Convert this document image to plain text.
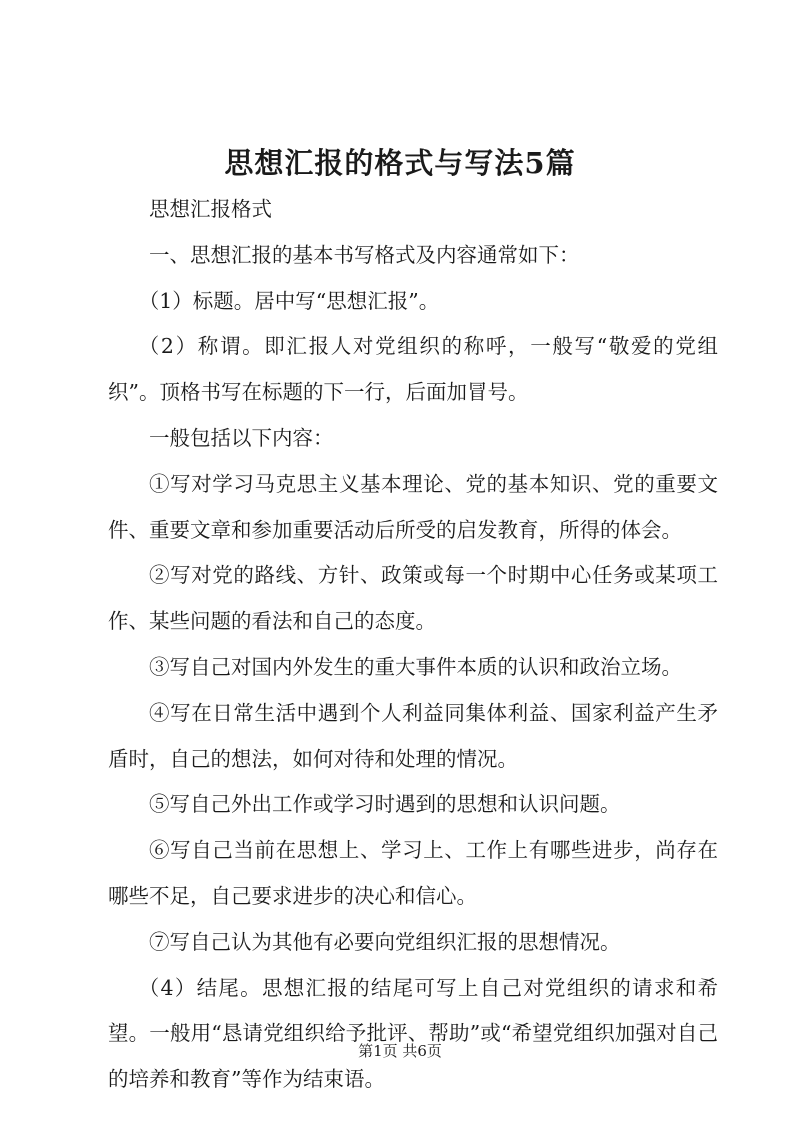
思想汇报的格式与写法5篇

思想汇报格式

一、思想汇报的基本书写格式及内容通常如下：

（1）标题。居中写“思想汇报”。

（2）称谓。即汇报人对党组织的称呼，一般写“敬爱的党组织”。顶格书写在标题的下一行，后面加冒号。

一般包括以下内容：

①写对学习马克思主义基本理论、党的基本知识、党的重要文件、重要文章和参加重要活动后所受的启发教育，所得的体会。

②写对党的路线、方针、政策或每一个时期中心任务或某项工作、某些问题的看法和自己的态度。

③写自己对国内外发生的重大事件本质的认识和政治立场。

④写在日常生活中遇到个人利益同集体利益、国家利益产生矛盾时，自己的想法，如何对待和处理的情况。

⑤写自己外出工作或学习时遇到的思想和认识问题。

⑥写自己当前在思想上、学习上、工作上有哪些进步，尚存在哪些不足，自己要求进步的决心和信心。

⑦写自己认为其他有必要向党组织汇报的思想情况。

（4）结尾。思想汇报的结尾可写上自己对党组织的请求和希望。一般用“恳请党组织给予批评、帮助”或“希望党组织加强对自己的培养和教育”等作为结束语。

第1页 共6页
